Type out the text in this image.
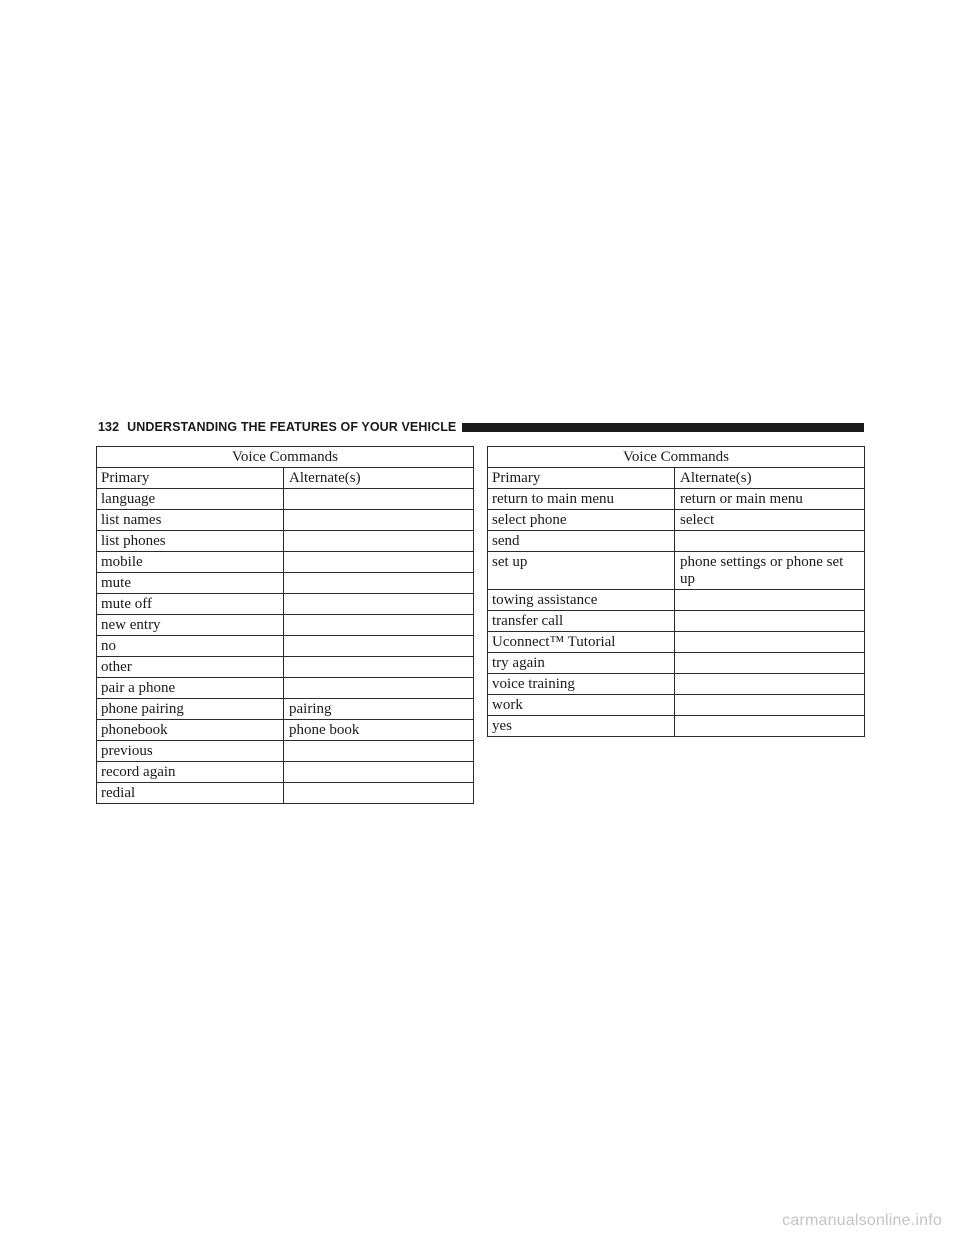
132 UNDERSTANDING THE FEATURES OF YOUR VEHICLE
Voice Commands	
Primary	Alternate(s)
language	
list names	
list phones	
mobile	
mute	
mute off	
new entry	
no	
other	
pair a phone	
phone pairing	pairing
phonebook	phone book
previous	
record again	
redial	
Voice Commands	
Primary	Alternate(s)
return to main menu	return or main menu
select phone	select
send	
set up	phone settings or phone set up
towing assistance	
transfer call	
Uconnect™ Tutorial	
try again	
voice training	
work	
yes	
carmanualsonline.info
